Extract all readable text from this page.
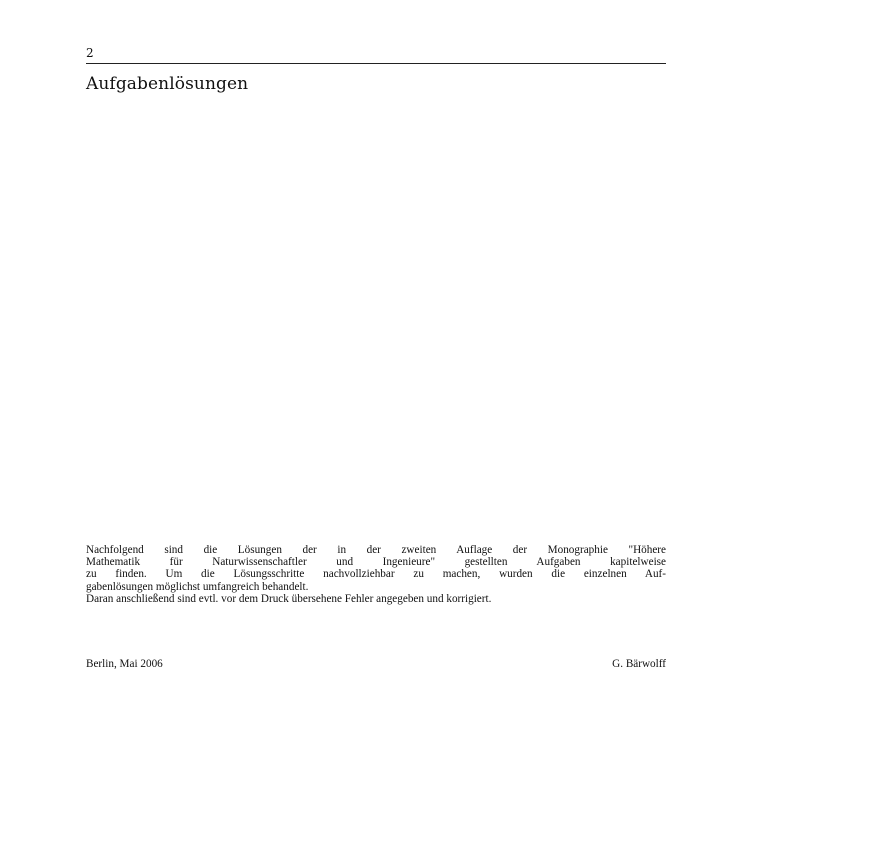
2
Aufgabenlösungen
Nachfolgend sind die Lösungen der in der zweiten Auflage der Monographie "Höhere
Mathematik für Naturwissenschaftler und Ingenieure" gestellten Aufgaben kapitelweise
zu finden. Um die Lösungsschritte nachvollziehbar zu machen, wurden die einzelnen Auf-
gabenlösungen möglichst umfangreich behandelt.
Daran anschließend sind evtl. vor dem Druck übersehene Fehler angegeben und korrigiert.
Berlin, Mai 2006	G. Bärwolff
